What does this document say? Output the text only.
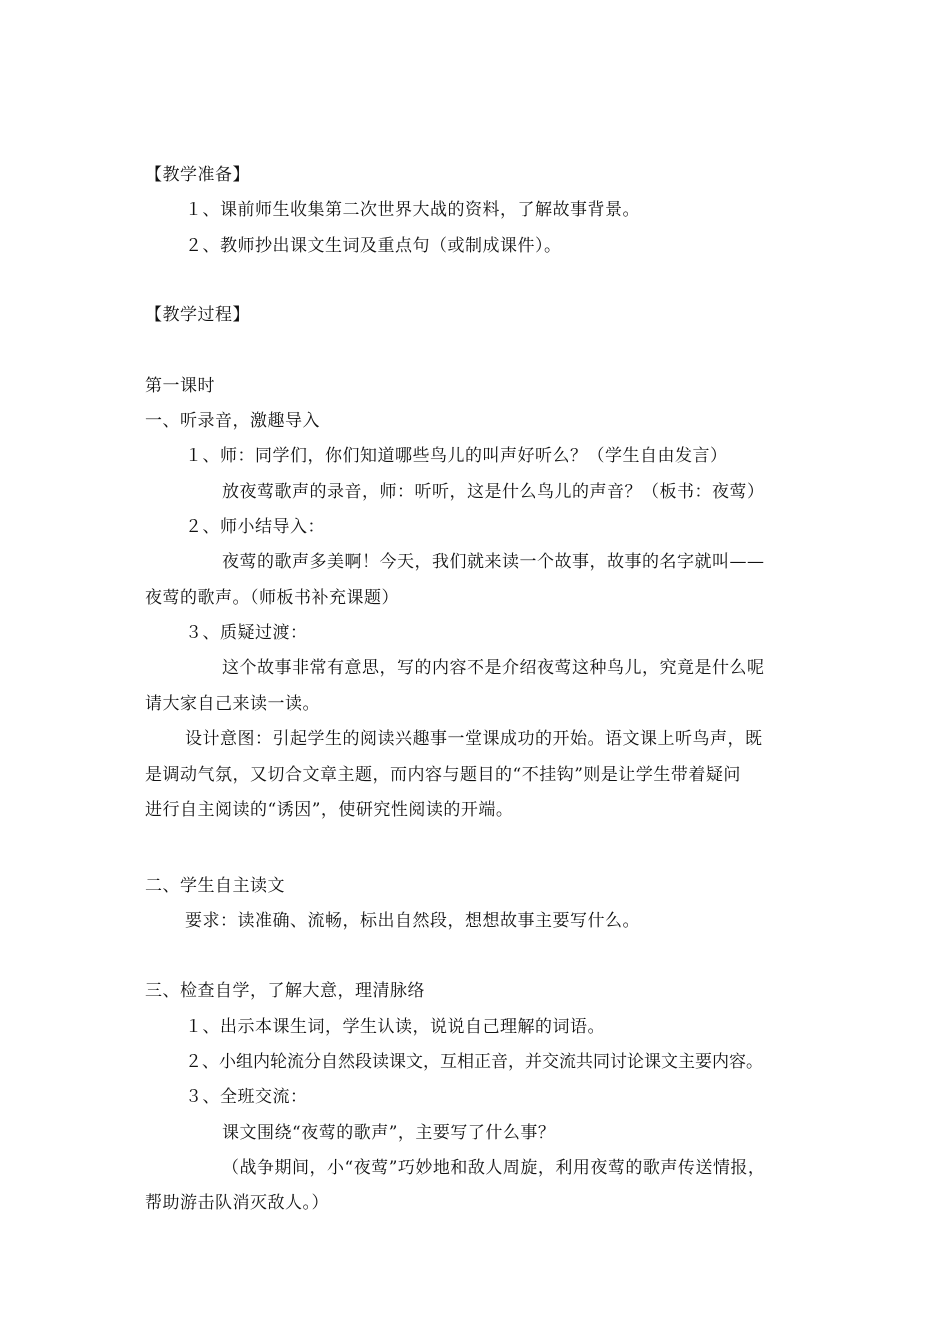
【教学准备】
１、课前师生收集第二次世界大战的资料，了解故事背景。
２、教师抄出课文生词及重点句（或制成课件）。
【教学过程】
第一课时
一、听录音，激趣导入
１、师：同学们，你们知道哪些鸟儿的叫声好听么？（学生自由发言）
放夜莺歌声的录音，师：听听，这是什么鸟儿的声音？（板书：夜莺）
２、师小结导入：
夜莺的歌声多美啊！今天，我们就来读一个故事，故事的名字就叫——
夜莺的歌声。（师板书补充课题）
３、质疑过渡：
这个故事非常有意思，写的内容不是介绍夜莺这种鸟儿，究竟是什么呢
请大家自己来读一读。
设计意图：引起学生的阅读兴趣事一堂课成功的开始。语文课上听鸟声，既
是调动气氛，又切合文章主题，而内容与题目的“不挂钩”则是让学生带着疑问
进行自主阅读的“诱因”，使研究性阅读的开端。
二、学生自主读文
要求：读准确、流畅，标出自然段，想想故事主要写什么。
三、检查自学，了解大意，理清脉络
１、出示本课生词，学生认读，说说自己理解的词语。
２、小组内轮流分自然段读课文，互相正音，并交流共同讨论课文主要内容。
３、全班交流：
课文围绕“夜莺的歌声”，主要写了什么事？
（战争期间，小“夜莺”巧妙地和敌人周旋，利用夜莺的歌声传送情报，
帮助游击队消灭敌人。）
